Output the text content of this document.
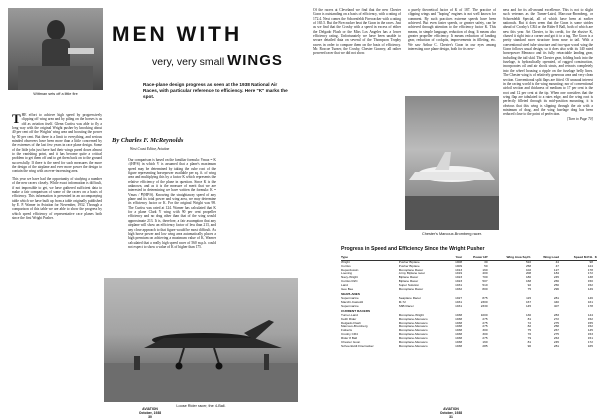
Wittman sets off a little fire
MEN WITH
very, very small WINGS
Race-plane design progress as seen at the 1938 National Air Races, with particular reference to efficiency. Here "K" marks the spot.
By Charles F. McReynolds
West Coast Editor, Aviation
THE effort to achieve high speed by progressively clipping off wing area and by piling on the horses is as old as aviation itself. Glenn Curtiss was able to fly a long way with the original Wright pusher by knocking about 40 per cent off the Wrights' wing area and boosting the power by 50 per cent. But there is a limit to everything, and serious minded observers have been more than a little concerned by the extremes of the last few years in race plane design. Some of the little jobs just have had their wings pared down almost to the vanishing point, and it has become quite a critical problem to get them off and to get them back on to the ground successfully. If there is the need for such measures the more the design of the airplane and ever more power the design to contain the wing with an ever-increasing area.

This year we have had the opportunity of studying a number of the new racers closely. While exact information is difficult, if not impossible to get, we have gathered sufficient data to make a fair comparison of some of the racers on a basis of efficiency. This information is presented in an accompanying table which we have built up from a table originally published by E. P. Warner in Aviation for November, 1932. Through a comparison of this table we are able to show the progress by which speed efficiency of representative race planes both since the first Wright Pusher.

Our comparison is based on the familiar formula: Vmax = K √(HP/S) in which V is assumed that a plane's maximum speed may be determined by taking the cube root of the figure representing horsepower available per sq. ft. of wing area and multiplying this by a factor K which represents the relative efficiency of the plane in question. Since K is the unknown, and as it is the measure of merit that we are interested in determining we have written the formula: K = Vmax / ∛(HP/S). Knowing the straightaway speed of any plane and its total power and wing area, we may determine its efficiency factor or K. For the original Wright was 98. The Curtiss was rated at 124. Warner has calculated that K for a plane Clark Y wing with 90 per cent propeller efficiency and no drag other than that of the wing would approximate 213. It is, therefore, a fair assumption that any airplane will show an efficiency factor of less than 213, and any close approach to that figure would be most difficult. As high horse power and low wing area automatically places a high premium on achieving a maximum value of K, Warner calculated that a really high speed racer of 560 m.p.h. could not expect to show a value of K of higher than 175.
Loose Rider racer, the 4-Ball.
AVIATION
October, 1938
30
Of the racers at Cleveland we find that the new Chester Goon is outstanding on a basis of efficiency, with a rating of 172.4. Next comes the Schoenfeldt Firecracker with a rating of 165.5. But the Firecracker beat the Goon in the races. Just as we find that the Crosby with a speed in excess of either the Delgado Flash or the Miss Los Angeles has a lower efficiency rating. Unfortunately we have been unable to secure detailed data on several of the Thompson Trophy racers in order to compare them on the basis of efficiency. Mr. Roscoe Turner, the Crosby, Chester Gooney, all rather powered racer that we did not show.
a purely theoretical factor of K of 187. The practice of clipping wings and "hoping" engines is not well known for comment. By such practices extreme speeds have been achieved. But even faster speeds, or greater safety, can be achieved through attention to the efficiency factor K. This means, in simple language, reduction of drag. It means also greater propeller efficiency. It means reduction of landing gear, reduction of cockpits, improvements in filleting, etc. We saw Arthur C. Chester's Goon in our eyes among interesting race plane design, both for its new-
ness and for its all-around excellence. This is not to slight such veterans as the Turner-Laird, Marcoux-Bromberg, or Schoenfeldt Special, all of which have been at earlier nationals. But it does seem that the Goon is some strides ahead of Crosby's CR4 or the Rider 8 Ball, both of which are new this year. Art Chester, to his credit, for the elusive K, chased it right into a corner and got it to a tag. The Goon is a pretty standard racer structure from nose to tail. With a conventional steel tube structure and two-spar wood wing the Goon follows usual design, so it does also with its 140 rated horsepower Menasco and its fully retractable landing gear, including the tail skid. The Chester gear, folding back into the fuselage, is hydraulically operated, of rugged construction, incorporates oil and air shock struts, and retracts completely into the wheel housing a ripple on the fuselage belly lines. The Chester wing is of relatively generous area and very clean section. Conventional split flaps are fitted. Of unusual interest in the racing world is the wing mounting; nor of conventional airfoil section and thickness of medium to 17 per cent is the root and 12 per cent at the tip. When one considers that the wing flap are tabulated to a rates edge, and the wing root is perfectly filleted through its mid-position mounting, it is obvious that this wing is slipping through the air with a minimum of drag, and the wing fuselage drag has been reduced close to the point of perfection.
[Turn to Page 70]
Chester's Marcoux-Bromberg racer.
Progress in Speed and Efficiency Since the Wright Pusher
Type		Year	Power HP	Wing Area Sq.Ft.	Wing Load	Speed M.P.H.	K
Wright	Pusher Biplane	1908	30	510	44	98	
Curtiss	Pusher Biplane	1909	50	258	47	124	
Deperdussin	Monoplane Racer	1913	160	102	127	178	
Loening	Army Biplane racer	1919	400	208	184	172	
Navy-Wright	Biplane Racer	1923	700	180	245	138	
Curtiss R2C	Biplane Racer	1923	507	168	266	150	
Laird	Super Solution	1931	510	92	250	152	
Gee Bee	Monoplane Racer	1932	800	75	296	149	
SEAPLANES							
Supermarine	Seaplane Racer	1927	875	115	281	146	
Macchi-Castoldi	M-72	1931	2300	167	440	161	
Supermarine	S6B Racer	1931	2330	145	407	178	
CURRENT RACERS							
Turner-Laird	Monoplane-Wright	1938	1000	130	283	144	
Keith Rider	Monoplane-Menasco	1938	275	81	272	152	
Delgado Flash	Monoplane-Menasco	1938	275	72	275	155	
Marcoux-Bromberg	Monoplane-Menasco	1938	275	82	258	152	
Folkerts	Monoplane-Menasco	1938	300	75	267	145	
Crosby CR4	Monoplane-Menasco	1938	300	76	275	153	
Rider 8 Ball	Monoplane-Menasco	1938	275	79	263	151	
Chester Goon	Monoplane-Menasco	1938	160	81	245	172	
Schoenfeldt Firecracker	Monoplane-Menasco	1938	285	90	281	165	
AVIATION
October, 1938
31
